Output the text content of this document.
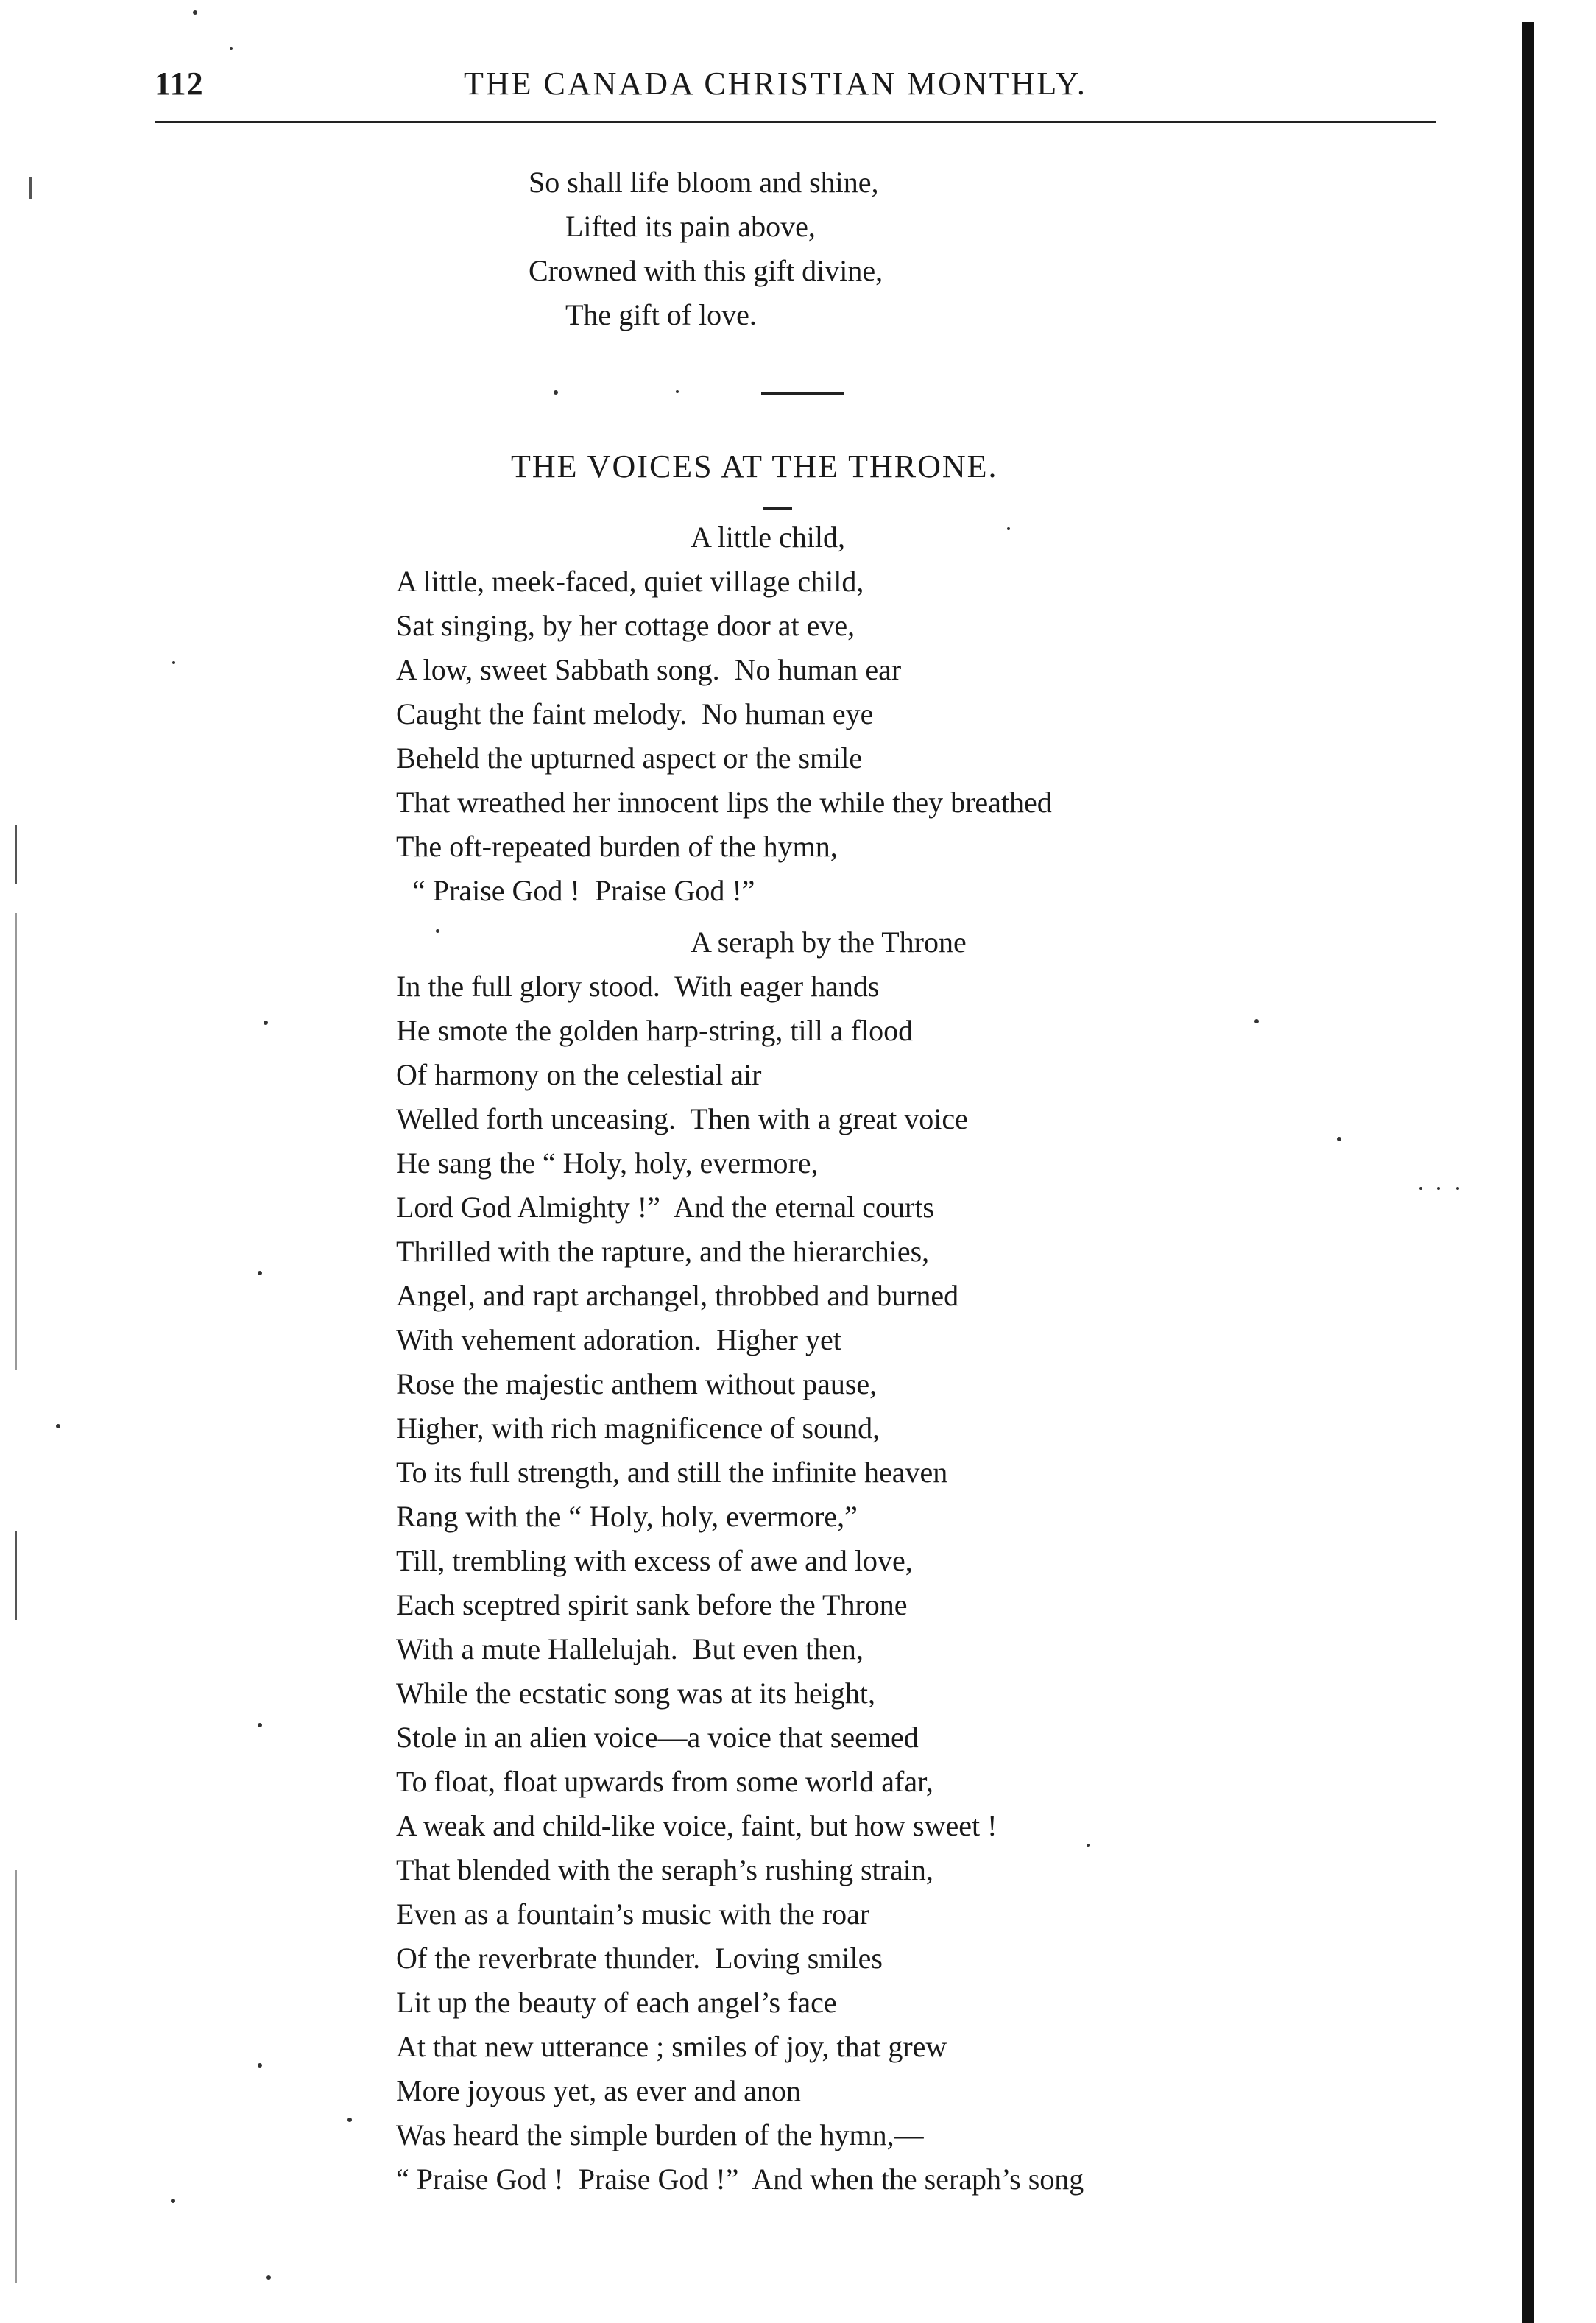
112	THE CANADA CHRISTIAN MONTHLY.
So shall life bloom and shine,
Lifted its pain above,
Crowned with this gift divine,
The gift of love.
THE VOICES AT THE THRONE.
A little child,
A little, meek-faced, quiet village child,
Sat singing, by her cottage door at eve,
A low, sweet Sabbath song.  No human ear
Caught the faint melody.  No human eye
Beheld the upturned aspect or the smile
That wreathed her innocent lips the while they breathed
The oft-repeated burden of the hymn,
“ Praise God !  Praise God !”
A seraph by the Throne
In the full glory stood.  With eager hands
He smote the golden harp-string, till a flood
Of harmony on the celestial air
Welled forth unceasing.  Then with a great voice
He sang the “ Holy, holy, evermore,
Lord God Almighty !”  And the eternal courts
Thrilled with the rapture, and the hierarchies,
Angel, and rapt archangel, throbbed and burned
With vehement adoration.  Higher yet
Rose the majestic anthem without pause,
Higher, with rich magnificence of sound,
To its full strength, and still the infinite heaven
Rang with the “ Holy, holy, evermore,”
Till, trembling with excess of awe and love,
Each sceptred spirit sank before the Throne
With a mute Hallelujah.  But even then,
While the ecstatic song was at its height,
Stole in an alien voice—a voice that seemed
To float, float upwards from some world afar,
A weak and child-like voice, faint, but how sweet !
That blended with the seraph’s rushing strain,
Even as a fountain’s music with the roar
Of the reverbrate thunder.  Loving smiles
Lit up the beauty of each angel’s face
At that new utterance ; smiles of joy, that grew
More joyous yet, as ever and anon
Was heard the simple burden of the hymn,—
“ Praise God !  Praise God !”  And when the seraph’s song
